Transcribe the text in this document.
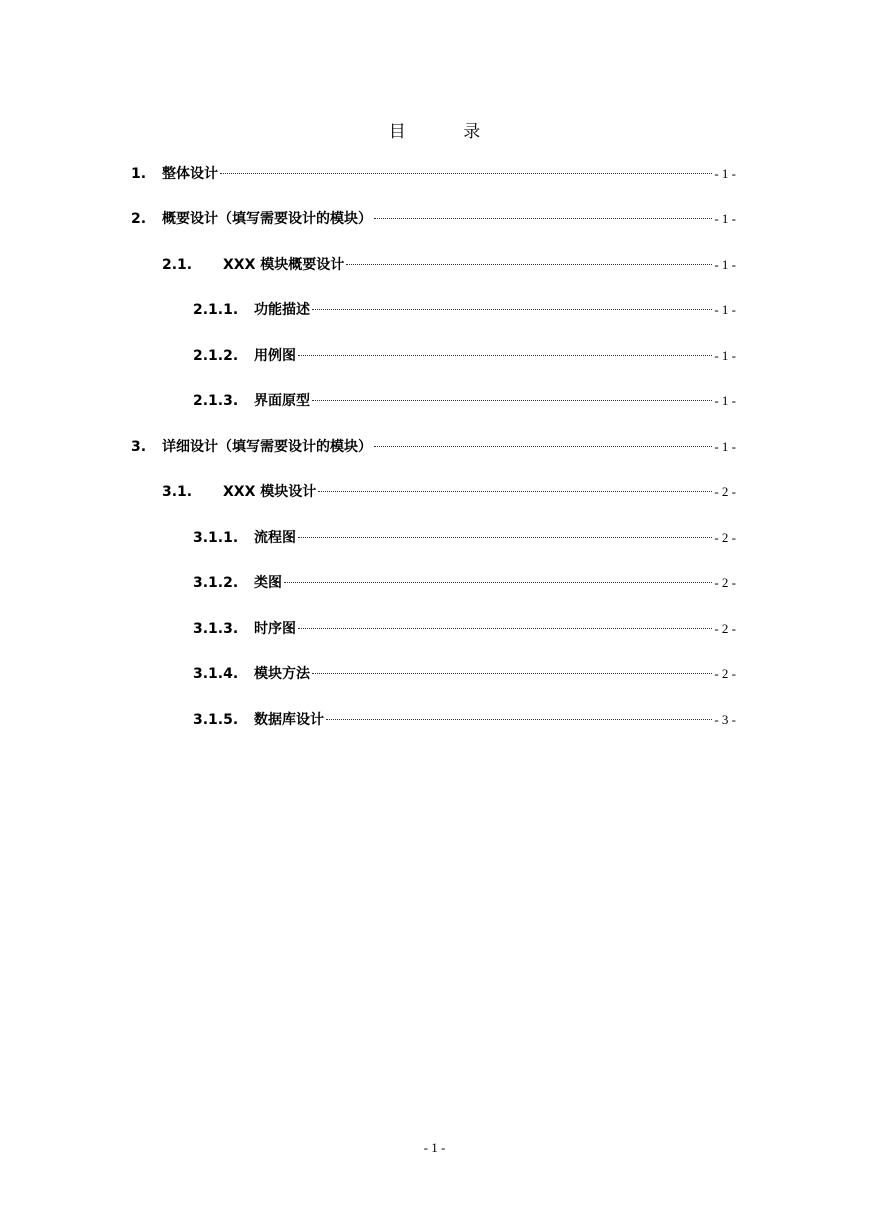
目 录
1.	整体设计	- 1 -
2.	概要设计（填写需要设计的模块）	- 1 -
2.1.	XXX 模块概要设计	- 1 -
2.1.1.	功能描述	- 1 -
2.1.2.	用例图	- 1 -
2.1.3.	界面原型	- 1 -
3.	详细设计（填写需要设计的模块）	- 1 -
3.1.	XXX 模块设计	- 2 -
3.1.1.	流程图	- 2 -
3.1.2.	类图	- 2 -
3.1.3.	时序图	- 2 -
3.1.4.	模块方法	- 2 -
3.1.5.	数据库设计	- 3 -
- 1 -
